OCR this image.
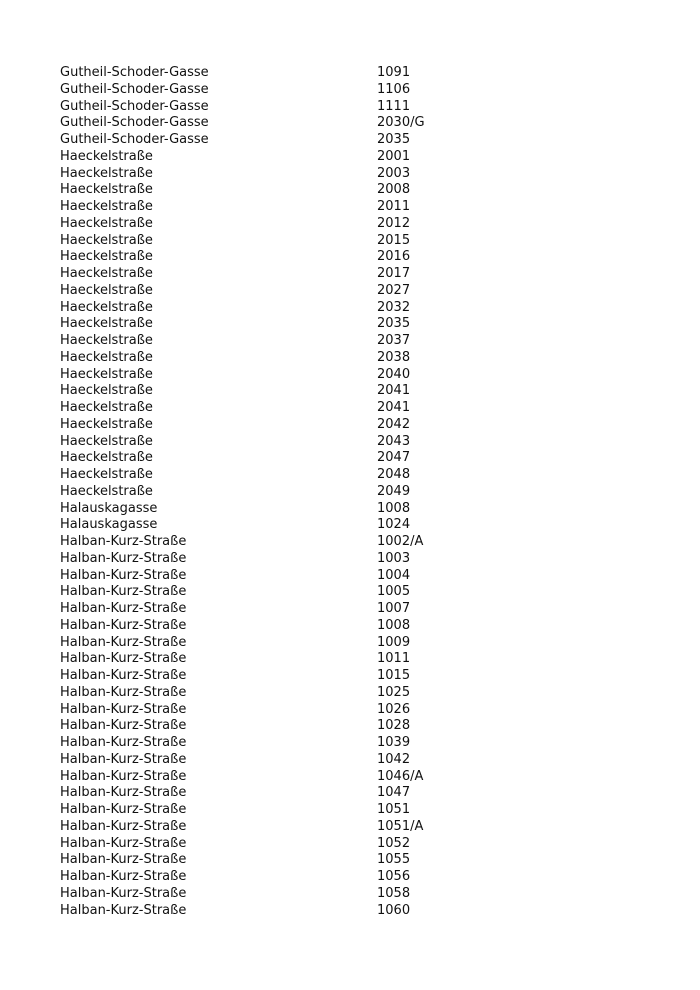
Gutheil-Schoder-Gasse	1091
Gutheil-Schoder-Gasse	1106
Gutheil-Schoder-Gasse	1111
Gutheil-Schoder-Gasse	2030/G
Gutheil-Schoder-Gasse	2035
Haeckelstraße	2001
Haeckelstraße	2003
Haeckelstraße	2008
Haeckelstraße	2011
Haeckelstraße	2012
Haeckelstraße	2015
Haeckelstraße	2016
Haeckelstraße	2017
Haeckelstraße	2027
Haeckelstraße	2032
Haeckelstraße	2035
Haeckelstraße	2037
Haeckelstraße	2038
Haeckelstraße	2040
Haeckelstraße	2041
Haeckelstraße	2041
Haeckelstraße	2042
Haeckelstraße	2043
Haeckelstraße	2047
Haeckelstraße	2048
Haeckelstraße	2049
Halauskagasse	1008
Halauskagasse	1024
Halban-Kurz-Straße	1002/A
Halban-Kurz-Straße	1003
Halban-Kurz-Straße	1004
Halban-Kurz-Straße	1005
Halban-Kurz-Straße	1007
Halban-Kurz-Straße	1008
Halban-Kurz-Straße	1009
Halban-Kurz-Straße	1011
Halban-Kurz-Straße	1015
Halban-Kurz-Straße	1025
Halban-Kurz-Straße	1026
Halban-Kurz-Straße	1028
Halban-Kurz-Straße	1039
Halban-Kurz-Straße	1042
Halban-Kurz-Straße	1046/A
Halban-Kurz-Straße	1047
Halban-Kurz-Straße	1051
Halban-Kurz-Straße	1051/A
Halban-Kurz-Straße	1052
Halban-Kurz-Straße	1055
Halban-Kurz-Straße	1056
Halban-Kurz-Straße	1058
Halban-Kurz-Straße	1060
